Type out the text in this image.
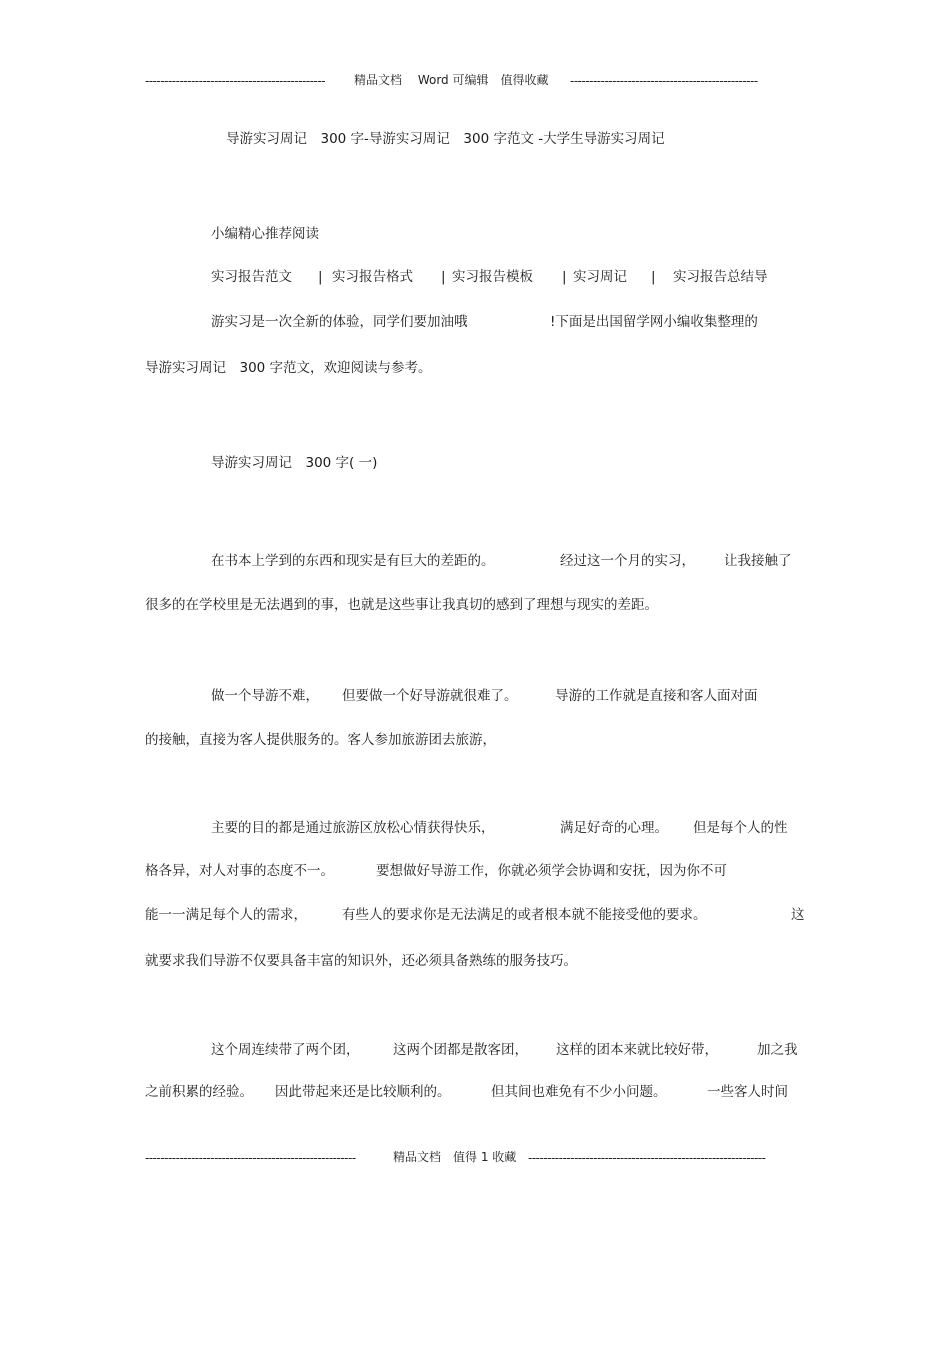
----------------------------------------------- 精品文档　 Word 可编辑　值得收藏 -------------------------------------------------
导游实习周记　300 字-导游实习周记　300 字范文 -大学生导游实习周记
小编精心推荐阅读
实习报告范文 | 实习报告格式 | 实习报告模板 | 实习周记 | 实习报告总结导
游实习是一次全新的体验，同学们要加油哦	!下面是出国留学网小编收集整理的
导游实习周记　300 字范文，欢迎阅读与参考。
导游实习周记　300 字( 一)
在书本上学到的东西和现实是有巨大的差距的。	经过这一个月的实习， 让我接触了
很多的在学校里是无法遇到的事，也就是这些事让我真切的感到了理想与现实的差距。
做一个导游不难， 但要做一个好导游就很难了。	导游的工作就是直接和客人面对面
的接触，直接为客人提供服务的。客人参加旅游团去旅游，
主要的目的都是通过旅游区放松心情获得快乐，	满足好奇的心理。 但是每个人的性
格各异，对人对事的态度不一。	要想做好导游工作，你就必须学会协调和安抚，因为你不可
能一一满足每个人的需求，	有些人的要求你是无法满足的或者根本就不能接受他的要求。	这
就要求我们导游不仅要具备丰富的知识外，还必须具备熟练的服务技巧。
这个周连续带了两个团， 这两个团都是散客团， 这样的团本来就比较好带，	加之我
之前积累的经验。 因此带起来还是比较顺利的。	但其间也难免有不少小问题。	一些客人时间
-------------------------------------------------------	精品文档　值得 1 收藏 --------------------------------------------------------------
